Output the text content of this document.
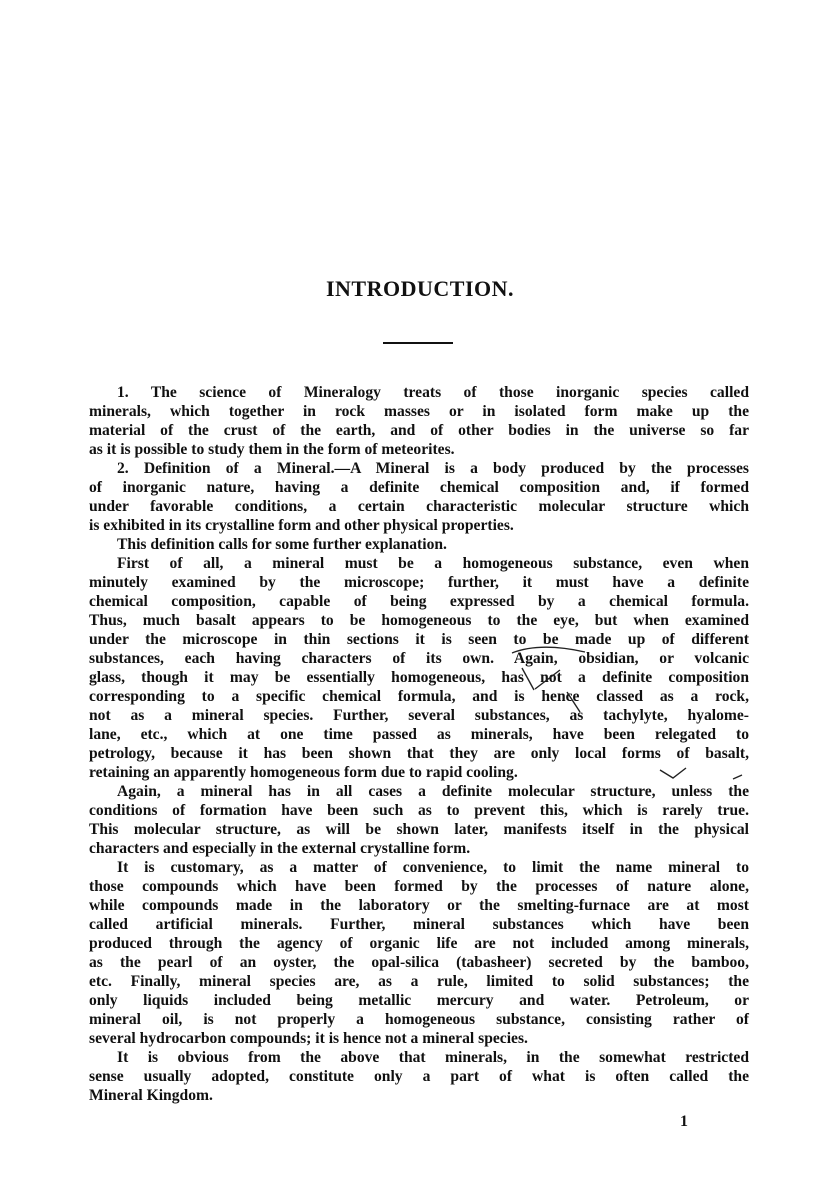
INTRODUCTION.
1. The science of Mineralogy treats of those inorganic species called
minerals, which together in rock masses or in isolated form make up the
material of the crust of the earth, and of other bodies in the universe so far
as it is possible to study them in the form of meteorites.
2. Definition of a Mineral.—A Mineral is a body produced by the processes
of inorganic nature, having a definite chemical composition and, if formed
under favorable conditions, a certain characteristic molecular structure which
is exhibited in its crystalline form and other physical properties.
This definition calls for some further explanation.
First of all, a mineral must be a homogeneous substance, even when
minutely examined by the microscope; further, it must have a definite
chemical composition, capable of being expressed by a chemical formula.
Thus, much basalt appears to be homogeneous to the eye, but when examined
under the microscope in thin sections it is seen to be made up of different
substances, each having characters of its own. Again, obsidian, or volcanic
glass, though it may be essentially homogeneous, has not a definite composition
corresponding to a specific chemical formula, and is hence classed as a rock,
not as a mineral species. Further, several substances, as tachylyte, hyalome-
lane, etc., which at one time passed as minerals, have been relegated to
petrology, because it has been shown that they are only local forms of basalt,
retaining an apparently homogeneous form due to rapid cooling.
Again, a mineral has in all cases a definite molecular structure, unless the
conditions of formation have been such as to prevent this, which is rarely true.
This molecular structure, as will be shown later, manifests itself in the physical
characters and especially in the external crystalline form.
It is customary, as a matter of convenience, to limit the name mineral to
those compounds which have been formed by the processes of nature alone,
while compounds made in the laboratory or the smelting-furnace are at most
called artificial minerals. Further, mineral substances which have been
produced through the agency of organic life are not included among minerals,
as the pearl of an oyster, the opal-silica (tabasheer) secreted by the bamboo,
etc. Finally, mineral species are, as a rule, limited to solid substances; the
only liquids included being metallic mercury and water. Petroleum, or
mineral oil, is not properly a homogeneous substance, consisting rather of
several hydrocarbon compounds; it is hence not a mineral species.
It is obvious from the above that minerals, in the somewhat restricted
sense usually adopted, constitute only a part of what is often called the
Mineral Kingdom.
1
